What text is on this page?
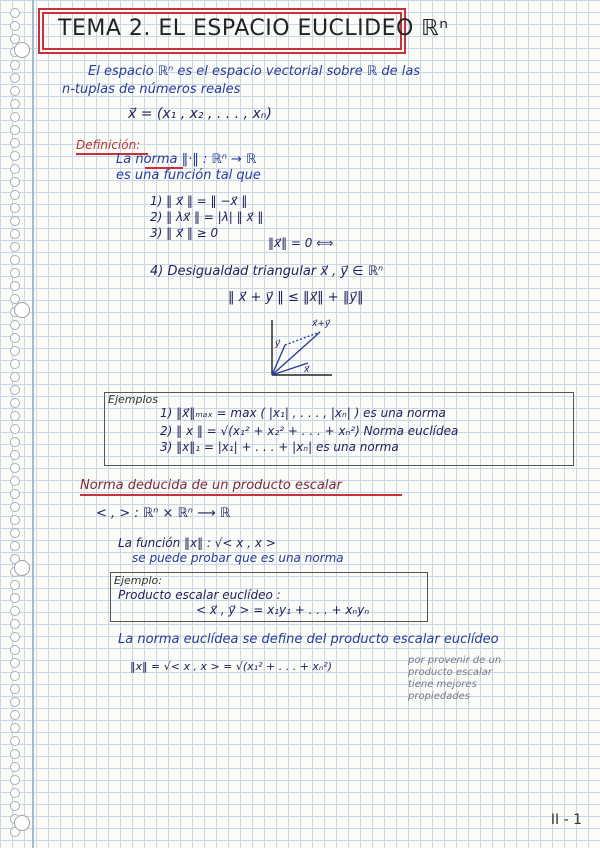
TEMA 2. EL ESPACIO EUCLIDEO ℝⁿ
El espacio ℝⁿ es el espacio vectorial sobre ℝ de las
n-tuplas de números reales
x⃗ = (x₁ , x₂ , . . . , xₙ)
Definición:
La norma ‖·‖ : ℝⁿ → ℝ
es una función tal que
1) ‖ x⃗ ‖ = ‖ −x⃗ ‖
2) ‖ λx⃗ ‖ = |λ| ‖ x⃗ ‖
3) ‖ x⃗ ‖ ≥ 0
‖x⃗‖ = 0 ⟺
4) Desigualdad triangular x⃗ , y⃗ ∈ ℝⁿ
‖ x⃗ + y⃗ ‖ ≤ ‖x⃗‖ + ‖y⃗‖
x⃗+y⃗
y⃗
x⃗
Ejemplos
1) ‖x⃗‖ₘₐₓ = max ( |x₁| , . . . , |xₙ| ) es una norma
2) ‖ x ‖ = √(x₁² + x₂² + . . . + xₙ²) Norma euclídea
3) ‖x‖₁ = |x₁| + . . . + |xₙ| es una norma
Norma deducida de un producto escalar
< , > : ℝⁿ × ℝⁿ ⟶ ℝ
La función ‖x‖ : √< x , x >
se puede probar que es una norma
Ejemplo:
Producto escalar euclídeo :
< x⃗ , y⃗ > = x₁y₁ + . . . + xₙyₙ
La norma euclídea se define del producto escalar euclídeo
‖x‖ = √< x , x > = √(x₁² + . . . + xₙ²)	por provenir de un
producto escalar
tiene mejores
propiedades
II - 1
